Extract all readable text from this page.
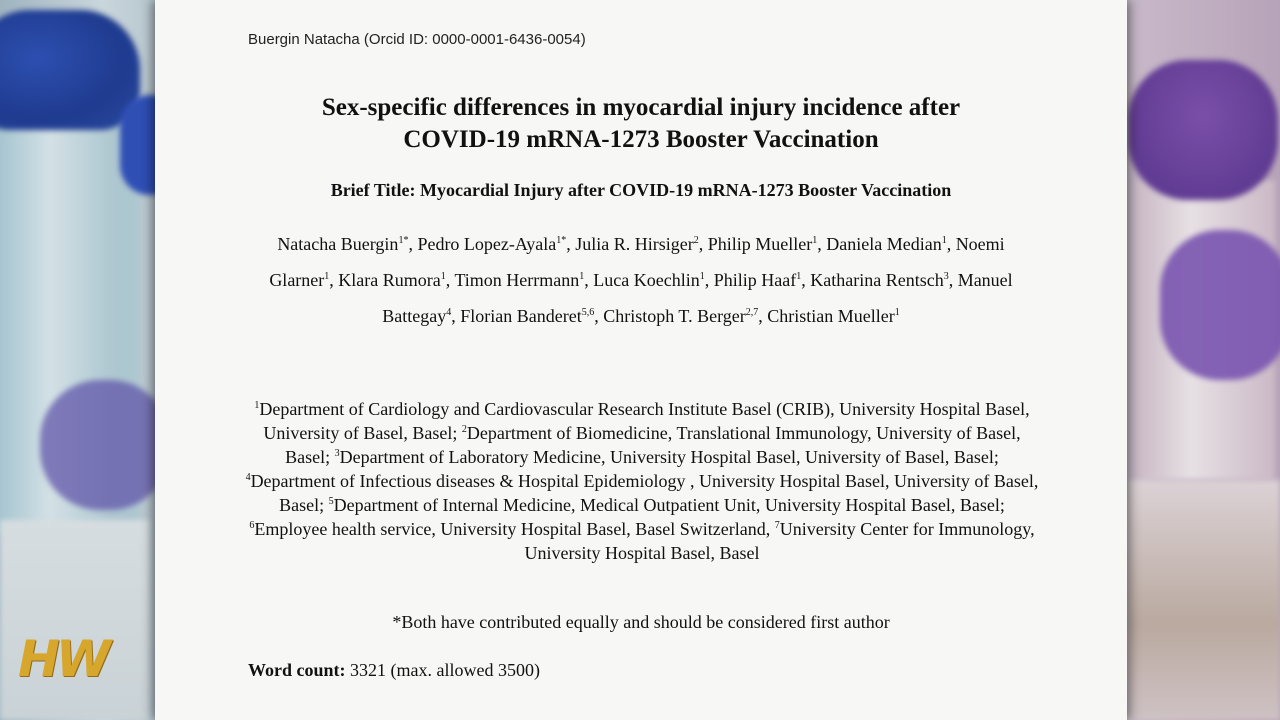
HW
Buergin Natacha (Orcid ID: 0000-0001-6436-0054)
Sex-specific differences in myocardial injury incidence after
COVID-19 mRNA-1273 Booster Vaccination
Brief Title: Myocardial Injury after COVID-19 mRNA-1273 Booster Vaccination
Natacha Buergin$^{1*}$, Pedro Lopez-Ayala$^{1*}$, Julia R. Hirsiger$^2$, Philip Mueller$^1$, Daniela Median$^1$, Noemi Glarner$^1$, Klara Rumora$^1$, Timon Herrmann$^1$, Luca Koechlin$^1$, Philip Haaf$^1$, Katharina Rentsch$^3$, Manuel Battegay$^4$, Florian Banderet$^{5,6}$, Christoph T. Berger$^{2,7}$, Christian Mueller$^1$
$^1$Department of Cardiology and Cardiovascular Research Institute Basel (CRIB), University Hospital Basel, University of Basel, Basel; $^2$Department of Biomedicine, Translational Immunology, University of Basel, Basel; $^3$Department of Laboratory Medicine, University Hospital Basel, University of Basel, Basel; $^4$Department of Infectious diseases & Hospital Epidemiology , University Hospital Basel, University of Basel, Basel; $^5$Department of Internal Medicine, Medical Outpatient Unit, University Hospital Basel, Basel; $^6$Employee health service, University Hospital Basel, Basel Switzerland, $^7$University Center for Immunology, University Hospital Basel, Basel
*Both have contributed equally and should be considered first author
Word count: 3321 (max. allowed 3500)
